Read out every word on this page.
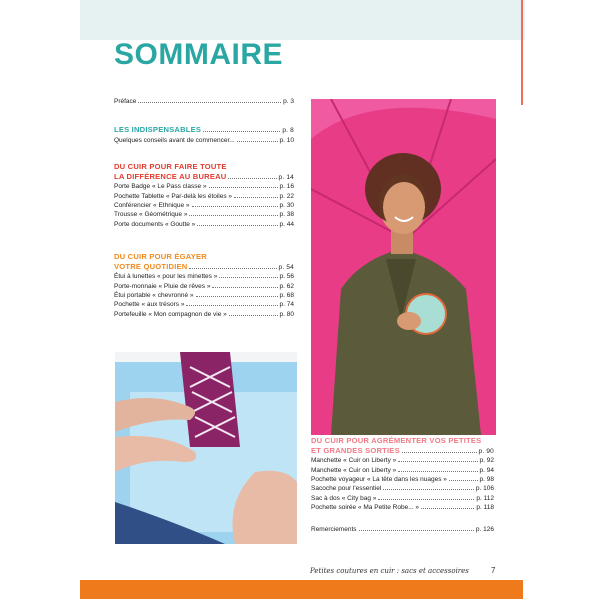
SOMMAIRE
Préface	p. 3
LES INDISPENSABLES	p. 8
Quelques conseils avant de commencer...	p. 10
DU CUIR POUR FAIRE TOUTE
LA DIFFÉRENCE AU BUREAU	p. 14
Porte Badge « Le Pass classe »	p. 16
Pochette Tablette « Par-delà les étoiles »	p. 22
Conférencier « Ethnique »	p. 30
Trousse « Géométrique »	p. 38
Porte documents « Goutte »	p. 44
DU CUIR POUR ÉGAYER
VOTRE QUOTIDIEN	p. 54
Étui à lunettes « pour les minettes »	p. 56
Porte-monnaie « Pluie de rêves »	p. 62
Étui portable « chevronné »	p. 68
Pochette « aux trésors »	p. 74
Portefeuille « Mon compagnon de vie »	p. 80
DU CUIR POUR AGRÉMENTER VOS PETITES
ET GRANDES SORTIES	p. 90
Manchette « Cuir on Liberty »	p. 92
Manchette « Cuir on Liberty »	p. 94
Pochette voyageur « La tête dans les nuages »	p. 98
Sacoche pour l'essentiel	p. 106
Sac à dos « City bag »	p. 112
Pochette soirée « Ma Petite Robe... »	p. 118
Remerciements	p. 126
Petites coutures en cuir : sacs et accessoires	7
